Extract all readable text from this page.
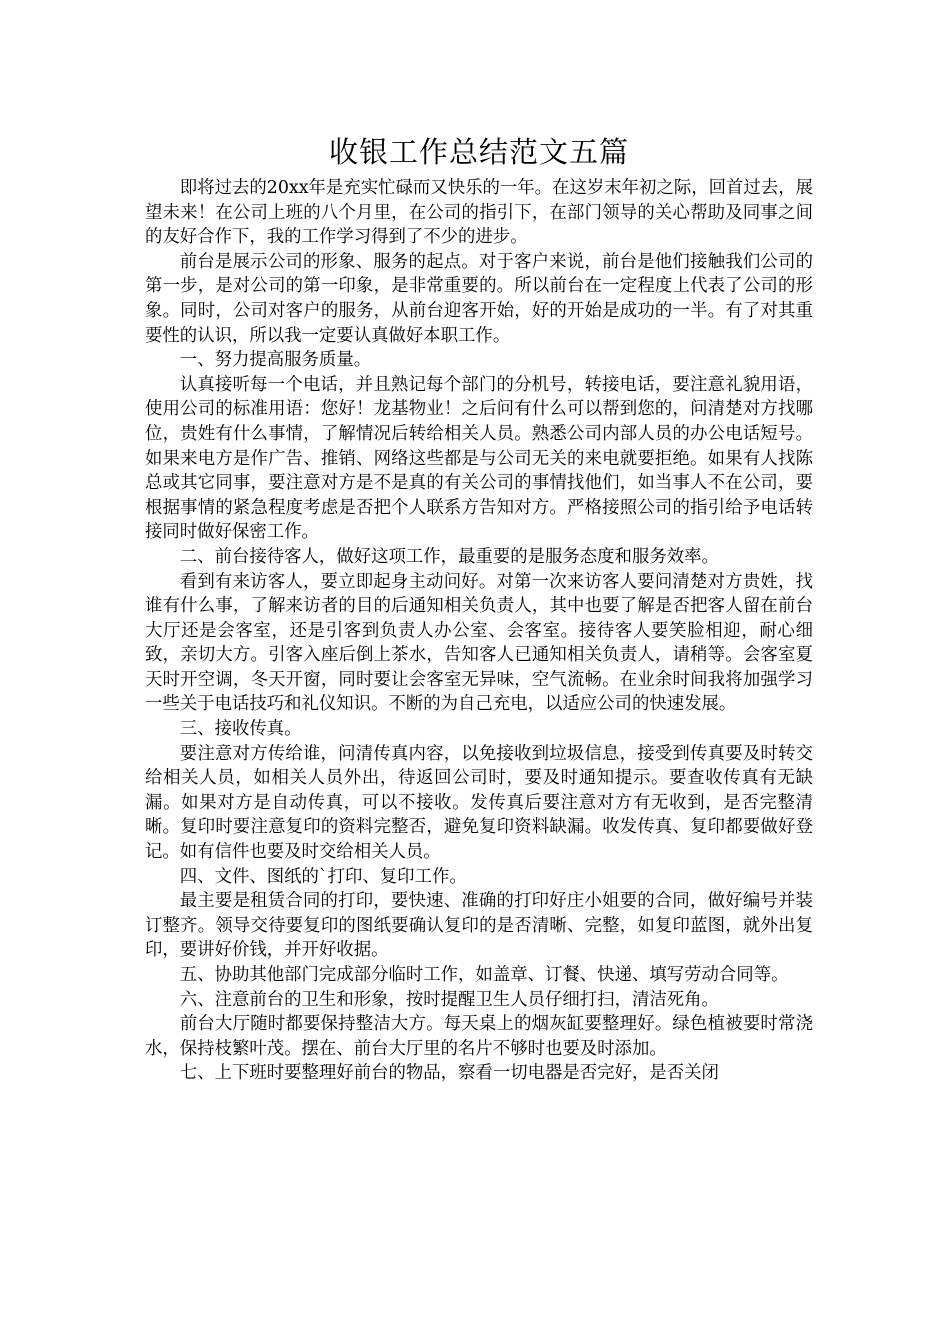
收银工作总结范文五篇

即将过去的20xx年是充实忙碌而又快乐的一年。在这岁末年初之际，回首过去，展望未来！在公司上班的八个月里，在公司的指引下，在部门领导的关心帮助及同事之间的友好合作下，我的工作学习得到了不少的进步。

前台是展示公司的形象、服务的起点。对于客户来说，前台是他们接触我们公司的第一步，是对公司的第一印象，是非常重要的。所以前台在一定程度上代表了公司的形象。同时，公司对客户的服务，从前台迎客开始，好的开始是成功的一半。有了对其重要性的认识，所以我一定要认真做好本职工作。

一、努力提高服务质量。

认真接听每一个电话，并且熟记每个部门的分机号，转接电话，要注意礼貌用语，使用公司的标准用语：您好！龙基物业！之后问有什么可以帮到您的，问清楚对方找哪位，贵姓有什么事情，了解情况后转给相关人员。熟悉公司内部人员的办公电话短号。如果来电方是作广告、推销、网络这些都是与公司无关的来电就要拒绝。如果有人找陈总或其它同事，要注意对方是不是真的有关公司的事情找他们，如当事人不在公司，要根据事情的紧急程度考虑是否把个人联系方告知对方。严格接照公司的指引给予电话转接同时做好保密工作。

二、前台接待客人，做好这项工作，最重要的是服务态度和服务效率。

看到有来访客人，要立即起身主动问好。对第一次来访客人要问清楚对方贵姓，找谁有什么事，了解来访者的目的后通知相关负责人，其中也要了解是否把客人留在前台大厅还是会客室，还是引客到负责人办公室、会客室。接待客人要笑脸相迎，耐心细致，亲切大方。引客入座后倒上茶水，告知客人已通知相关负责人，请稍等。会客室夏天时开空调，冬天开窗，同时要让会客室无异味，空气流畅。在业余时间我将加强学习一些关于电话技巧和礼仪知识。不断的为自己充电，以适应公司的快速发展。

三、接收传真。

要注意对方传给谁，问清传真内容，以免接收到垃圾信息，接受到传真要及时转交给相关人员，如相关人员外出，待返回公司时，要及时通知提示。要查收传真有无缺漏。如果对方是自动传真，可以不接收。发传真后要注意对方有无收到，是否完整清晰。复印时要注意复印的资料完整否，避免复印资料缺漏。收发传真、复印都要做好登记。如有信件也要及时交给相关人员。

四、文件、图纸的`打印、复印工作。

最主要是租赁合同的打印，要快速、准确的打印好庄小姐要的合同，做好编号并装订整齐。领导交待要复印的图纸要确认复印的是否清晰、完整，如复印蓝图，就外出复印，要讲好价钱，并开好收据。

五、协助其他部门完成部分临时工作，如盖章、订餐、快递、填写劳动合同等。

六、注意前台的卫生和形象，按时提醒卫生人员仔细打扫，清洁死角。

前台大厅随时都要保持整洁大方。每天桌上的烟灰缸要整理好。绿色植被要时常浇水，保持枝繁叶茂。摆在、前台大厅里的名片不够时也要及时添加。

七、上下班时要整理好前台的物品，察看一切电器是否完好，是否关闭
